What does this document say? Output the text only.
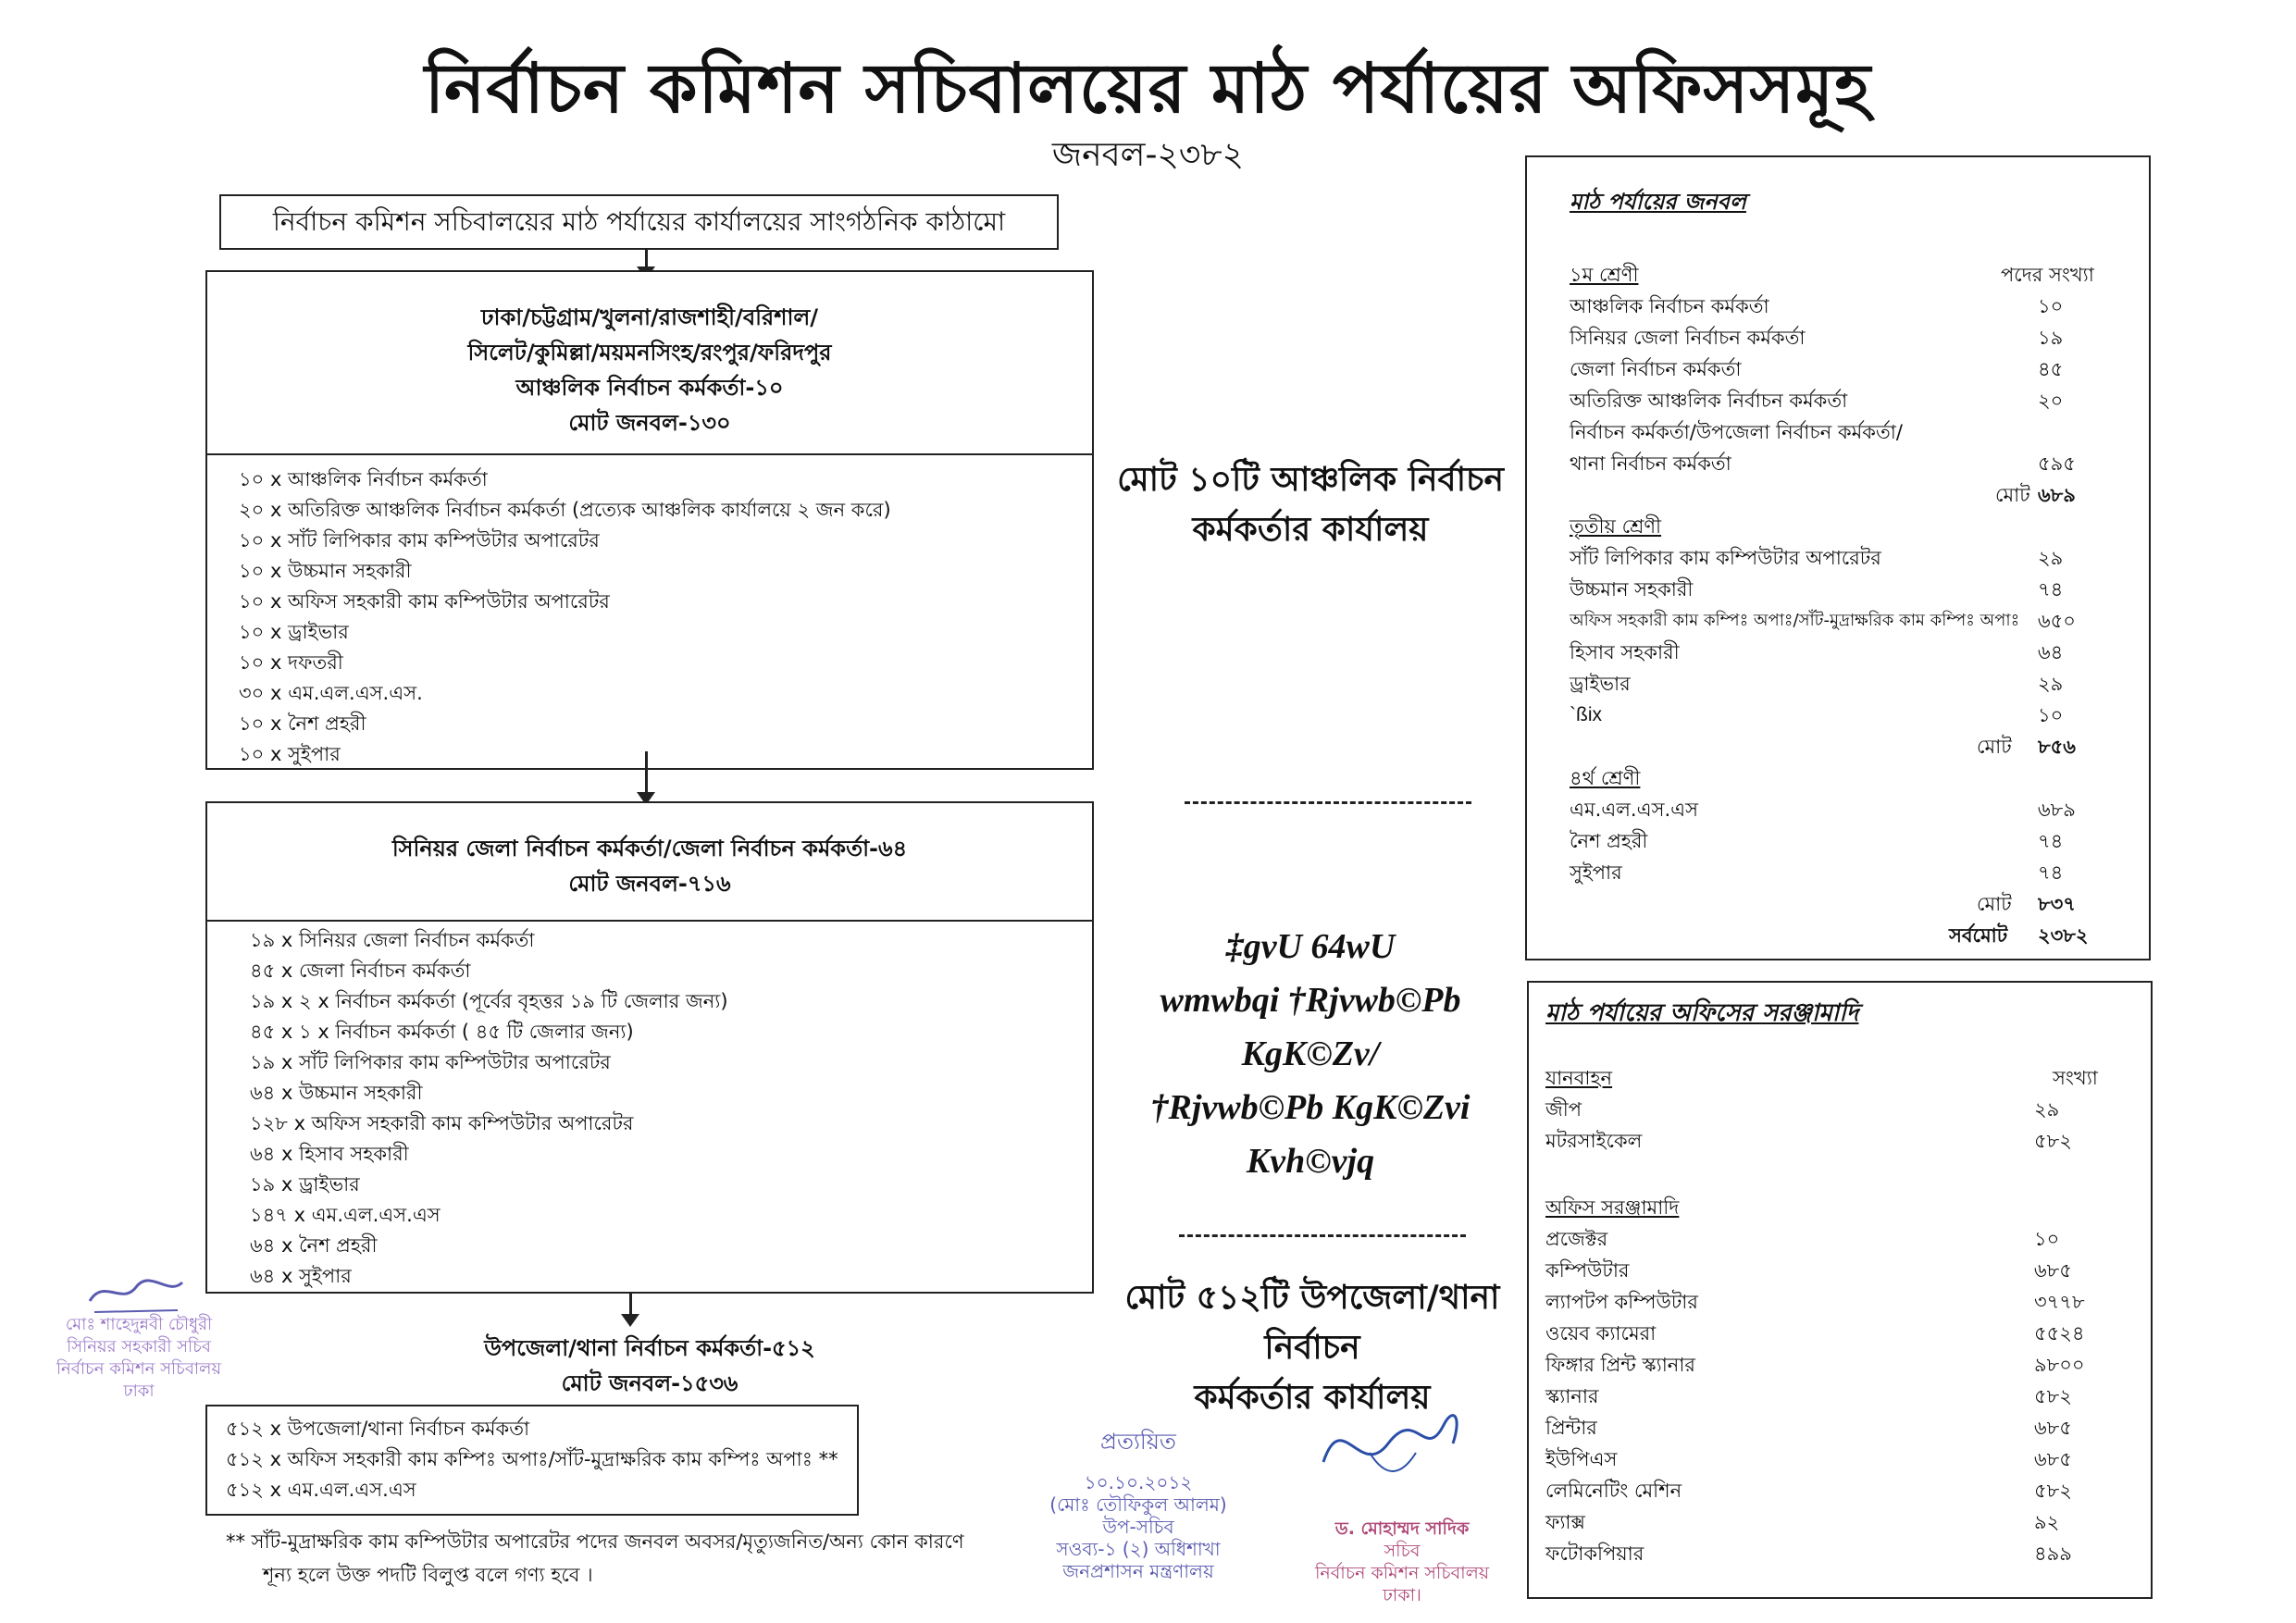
নির্বাচন কমিশন সচিবালয়ের মাঠ পর্যায়ের অফিসসমূহ
জনবল-২৩৮২
নির্বাচন কমিশন সচিবালয়ের মাঠ পর্যায়ের কার্যালয়ের সাংগঠনিক কাঠামো
ঢাকা/চট্টগ্রাম/খুলনা/রাজশাহী/বরিশাল/
সিলেট/কুমিল্লা/ময়মনসিংহ/রংপুর/ফরিদপুর
আঞ্চলিক নির্বাচন কর্মকর্তা-১০
মোট জনবল-১৩০
১০ x আঞ্চলিক নির্বাচন কর্মকর্তা
২০ x অতিরিক্ত আঞ্চলিক নির্বাচন কর্মকর্তা (প্রত্যেক আঞ্চলিক কার্যালয়ে ২ জন করে)
১০ x সাঁট লিপিকার কাম কম্পিউটার অপারেটর
১০ x উচ্চমান সহকারী
১০ x অফিস সহকারী কাম কম্পিউটার অপারেটর
১০ x ড্রাইভার
১০ x দফতরী
৩০ x এম.এল.এস.এস.
১০ x নৈশ প্রহরী
১০ x সুইপার
সিনিয়র জেলা নির্বাচন কর্মকর্তা/জেলা নির্বাচন কর্মকর্তা-৬৪
মোট জনবল-৭১৬
১৯ x সিনিয়র জেলা নির্বাচন কর্মকর্তা
৪৫ x জেলা নির্বাচন কর্মকর্তা
১৯ x ২ x নির্বাচন কর্মকর্তা (পূর্বের বৃহত্তর ১৯ টি জেলার জন্য)
৪৫ x ১ x নির্বাচন কর্মকর্তা ( ৪৫ টি জেলার জন্য)
১৯ x সাঁট লিপিকার কাম কম্পিউটার অপারেটর
৬৪ x উচ্চমান সহকারী
১২৮ x অফিস সহকারী কাম কম্পিউটার অপারেটর
৬৪ x হিসাব সহকারী
১৯ x ড্রাইভার
১৪৭ x এম.এল.এস.এস
৬৪ x নৈশ প্রহরী
৬৪ x সুইপার
উপজেলা/থানা নির্বাচন কর্মকর্তা-৫১২
মোট জনবল-১৫৩৬
৫১২ x উপজেলা/থানা নির্বাচন কর্মকর্তা
৫১২ x অফিস সহকারী কাম কম্পিঃ অপাঃ/সাঁট-মুদ্রাক্ষরিক কাম কম্পিঃ অপাঃ **
৫১২ x এম.এল.এস.এস
** সাঁট-মুদ্রাক্ষরিক কাম কম্পিউটার অপারেটর পদের জনবল অবসর/মৃত্যুজনিত/অন্য কোন কারণে
শূন্য হলে উক্ত পদটি বিলুপ্ত বলে গণ্য হবে ।
মোট ১০টি আঞ্চলিক নির্বাচন
কর্মকর্তার কার্যালয়
‡gvU 64wU
wmwbqi †Rjvwb©Pb KgK©Zv/
†Rjvwb©Pb KgK©Zvi Kvh©vjq
মোট ৫১২টি উপজেলা/থানা নির্বাচন
কর্মকর্তার কার্যালয়
মাঠ পর্যায়ের জনবল
১ম শ্রেণী	পদের সংখ্যা
আঞ্চলিক নির্বাচন কর্মকর্তা	১০
সিনিয়র জেলা নির্বাচন কর্মকর্তা	১৯
জেলা নির্বাচন কর্মকর্তা	৪৫
অতিরিক্ত আঞ্চলিক নির্বাচন কর্মকর্তা	২০
নির্বাচন কর্মকর্তা/উপজেলা নির্বাচন কর্মকর্তা/
থানা নির্বাচন কর্মকর্তা	৫৯৫
মোট ৬৮৯
তৃতীয় শ্রেণী
সাঁট লিপিকার কাম কম্পিউটার অপারেটর	২৯
উচ্চমান সহকারী	৭৪
অফিস সহকারী কাম কম্পিঃ অপাঃ/সাঁট-মুদ্রাক্ষরিক কাম কম্পিঃ অপাঃ ৬৫০
হিসাব সহকারী	৬৪
ড্রাইভার	২৯
`ßix	১০
মোট ৮৫৬
৪র্থ শ্রেণী
এম.এল.এস.এস	৬৮৯
নৈশ প্রহরী	৭৪
সুইপার	৭৪
মোট ৮৩৭
সর্বমোট ২৩৮২
মাঠ পর্যায়ের অফিসের সরঞ্জামাদি
যানবাহন	সংখ্যা
জীপ	২৯
মটরসাইকেল	৫৮২
অফিস সরঞ্জামাদি
প্রজেক্টর	১০
কম্পিউটার	৬৮৫
ল্যাপটপ কম্পিউটার	৩৭৭৮
ওয়েব ক্যামেরা	৫৫২৪
ফিঙ্গার প্রিন্ট স্ক্যানার	৯৮০০
স্ক্যানার	৫৮২
প্রিন্টার	৬৮৫
ইউপিএস	৬৮৫
লেমিনেটিং মেশিন	৫৮২
ফ্যাক্স	৯২
ফটোকপিয়ার	৪৯৯
মোঃ শাহেদুন্নবী চৌধুরী
সিনিয়র সহকারী সচিব
নির্বাচন কমিশন সচিবালয়
ঢাকা
প্রত্যয়িত
১০.১০.২০১২
(মোঃ তৌফিকুল আলম)
উপ-সচিব
সওব্য-১ (২) অধিশাখা
জনপ্রশাসন মন্ত্রণালয়
ড. মোহাম্মদ সাদিক
সচিব
নির্বাচন কমিশন সচিবালয়
ঢাকা।
